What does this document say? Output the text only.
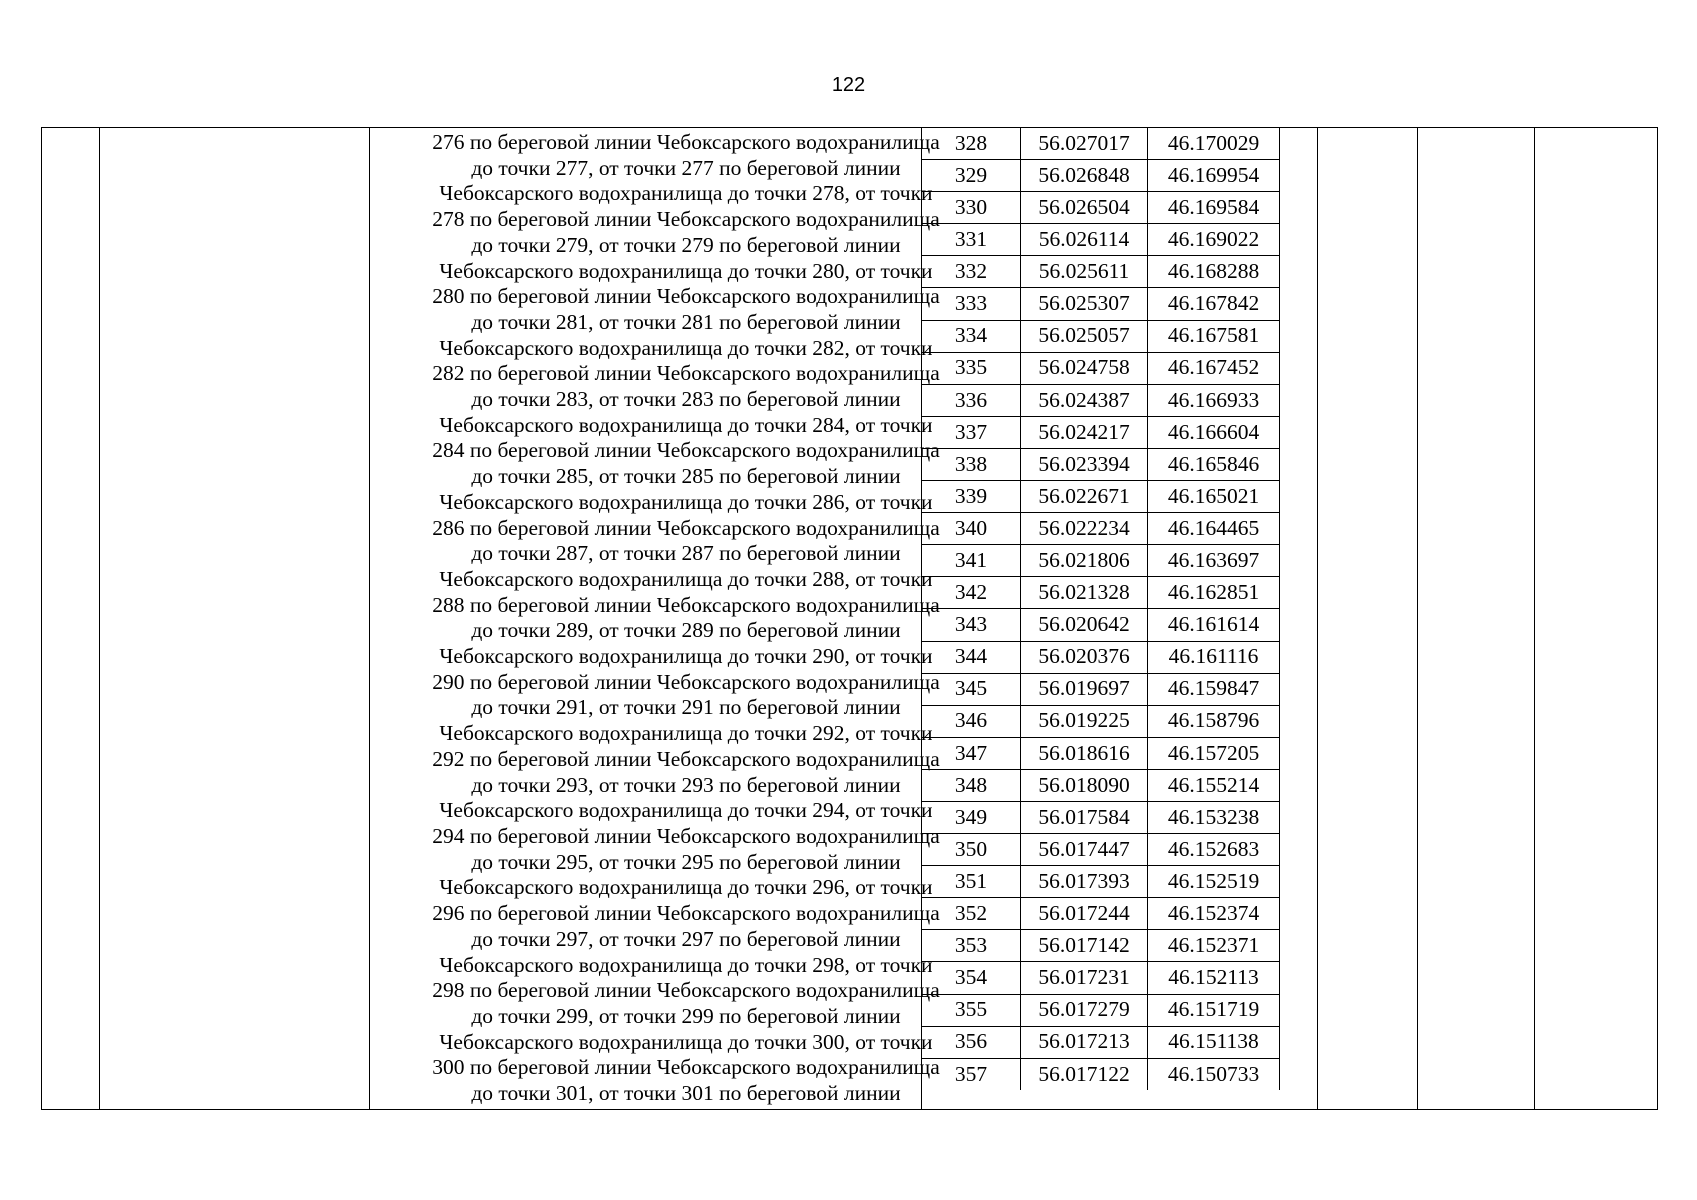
122
276 по береговой линии Чебоксарского водохранилища
до точки 277, от точки 277 по береговой линии
Чебоксарского водохранилища до точки 278, от точки
278 по береговой линии Чебоксарского водохранилища
до точки 279, от точки 279 по береговой линии
Чебоксарского водохранилища до точки 280, от точки
280 по береговой линии Чебоксарского водохранилища
до точки 281, от точки 281 по береговой линии
Чебоксарского водохранилища до точки 282, от точки
282 по береговой линии Чебоксарского водохранилища
до точки 283, от точки 283 по береговой линии
Чебоксарского водохранилища до точки 284, от точки
284 по береговой линии Чебоксарского водохранилища
до точки 285, от точки 285 по береговой линии
Чебоксарского водохранилища до точки 286, от точки
286 по береговой линии Чебоксарского водохранилища
до точки 287, от точки 287 по береговой линии
Чебоксарского водохранилища до точки 288, от точки
288 по береговой линии Чебоксарского водохранилища
до точки 289, от точки 289 по береговой линии
Чебоксарского водохранилища до точки 290, от точки
290 по береговой линии Чебоксарского водохранилища
до точки 291, от точки 291 по береговой линии
Чебоксарского водохранилища до точки 292, от точки
292 по береговой линии Чебоксарского водохранилища
до точки 293, от точки 293 по береговой линии
Чебоксарского водохранилища до точки 294, от точки
294 по береговой линии Чебоксарского водохранилища
до точки 295, от точки 295 по береговой линии
Чебоксарского водохранилища до точки 296, от точки
296 по береговой линии Чебоксарского водохранилища
до точки 297, от точки 297 по береговой линии
Чебоксарского водохранилища до точки 298, от точки
298 по береговой линии Чебоксарского водохранилища
до точки 299, от точки 299 по береговой линии
Чебоксарского водохранилища до точки 300, от точки
300 по береговой линии Чебоксарского водохранилища
до точки 301, от точки 301 по береговой линии
328	56.027017	46.170029
329	56.026848	46.169954
330	56.026504	46.169584
331	56.026114	46.169022
332	56.025611	46.168288
333	56.025307	46.167842
334	56.025057	46.167581
335	56.024758	46.167452
336	56.024387	46.166933
337	56.024217	46.166604
338	56.023394	46.165846
339	56.022671	46.165021
340	56.022234	46.164465
341	56.021806	46.163697
342	56.021328	46.162851
343	56.020642	46.161614
344	56.020376	46.161116
345	56.019697	46.159847
346	56.019225	46.158796
347	56.018616	46.157205
348	56.018090	46.155214
349	56.017584	46.153238
350	56.017447	46.152683
351	56.017393	46.152519
352	56.017244	46.152374
353	56.017142	46.152371
354	56.017231	46.152113
355	56.017279	46.151719
356	56.017213	46.151138
357	56.017122	46.150733
